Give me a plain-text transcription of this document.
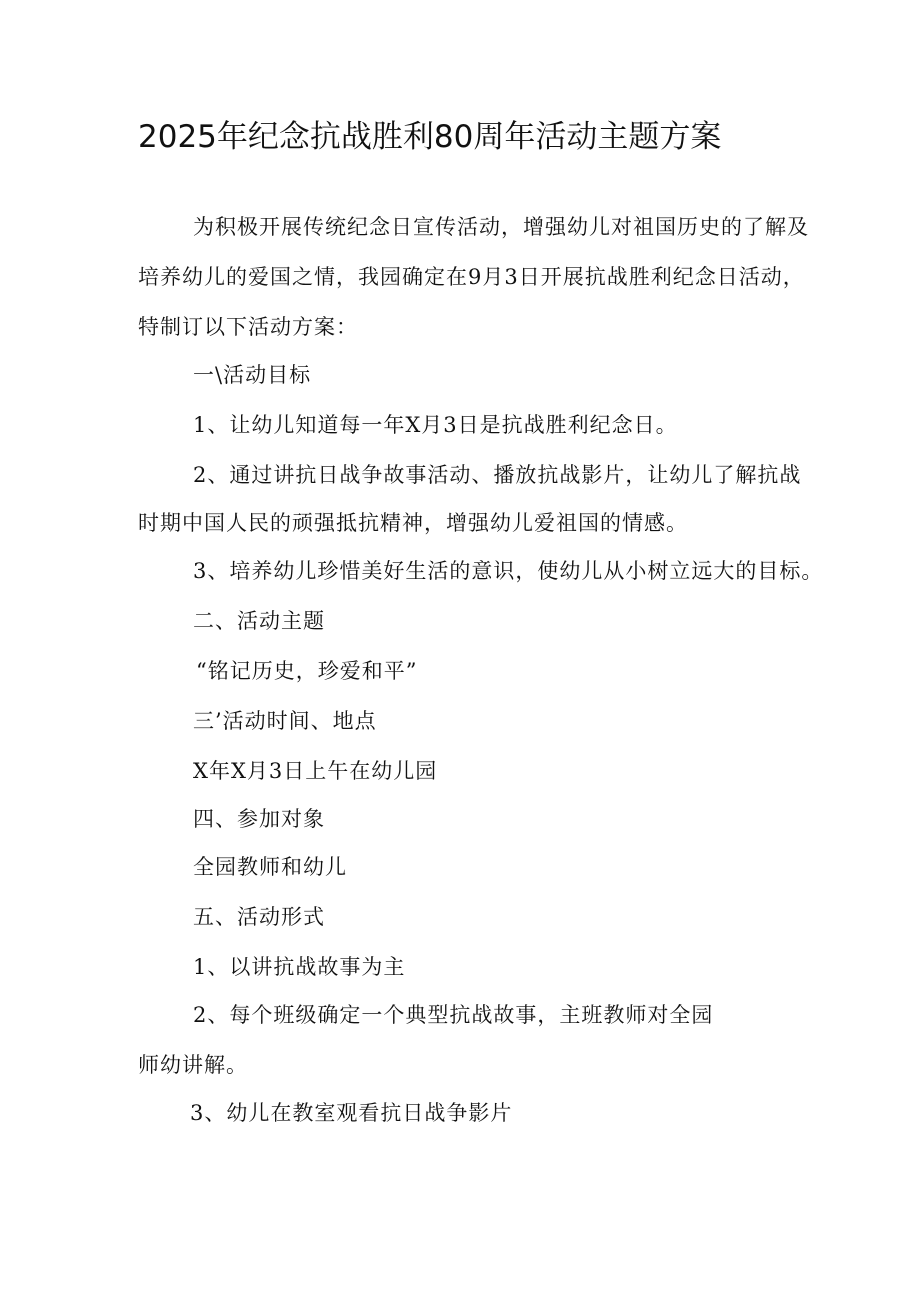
2025年纪念抗战胜利80周年活动主题方案

为积极开展传统纪念日宣传活动，增强幼儿对祖国历史的了解及

培养幼儿的爱国之情，我园确定在9月3日开展抗战胜利纪念日活动，

特制订以下活动方案：

一\活动目标

1、让幼儿知道每一年X月3日是抗战胜利纪念日。

2、通过讲抗日战争故事活动、播放抗战影片，让幼儿了解抗战

时期中国人民的顽强抵抗精神，增强幼儿爱祖国的情感。

3、培养幼儿珍惜美好生活的意识，使幼儿从小树立远大的目标。

二、活动主题

“铭记历史，珍爱和平”

三’活动时间、地点

X年X月3日上午在幼儿园

四、参加对象

全园教师和幼儿

五、活动形式

1、以讲抗战故事为主

2、每个班级确定一个典型抗战故事，主班教师对全园

师幼讲解。

3、幼儿在教室观看抗日战争影片
